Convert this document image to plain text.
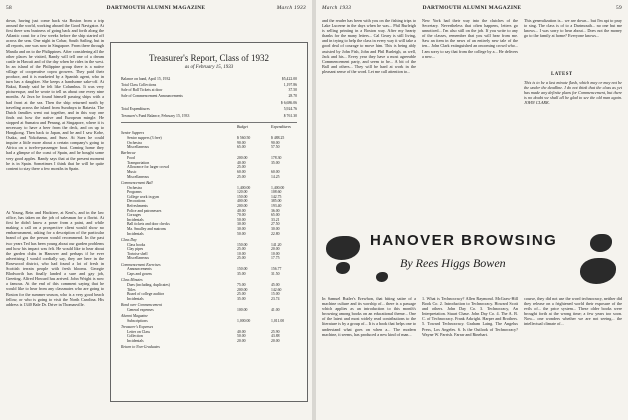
58	DARTMOUTH ALUMNI MAGAZINE	March 1933

down, having just come back via Boston from a trip around the world, working aboard the Good Navigator. At first there was business of going back and forth along the Atlantic coast for a few weeks before the ship started off across the seas. One night in Cobar, South Sailing, but in all reports, one was now in Singapore. From there through Manila and on to the Philippines. After considering all the other places he visited, Randy will tell one of a dream castle in Hawaii and of the day when he rides in the west. In an island of the Philippine group there is a native village of cooperative copra growers. They paid their produce, and it is marketed by a Spanish agent, who in turn has a daughter. She keeps a handsome sake-off. At Bakai, Randy said he felt like Columbus. It was very picturesque, and he wrote to tell us about one every nine months. At Java he found himself passing ships with a bad front at the sea. Then the ship returned north by traveling across the island from Surabaya to Batavia. The Dutch families went out together, and in this way one finds out how the native and European mingle. He stopped at Sumatra and Penang, at Singapore, where it is necessary to have a beer from the deck, and on up to Hongkong. Then back to Japan, and he and I saw Kobe, Osaka, and Yokohama, and Suez. At Suez he could inquire a little more about a certain company's going to Africa on a twelve-passenger boat. Coming home they had a glimpse of the coast of Spain, and he bought some very good apples. Randy says that at the present moment he is in Spain. Sometimes I think that he will be quite content to stay there a few months in Spain.

At Young, Rein and Hacktree, at Kent's, and in the law office, has taken on the job of salesman for a florist. At first he didn't know a poser from a paint, and while making a call on a prospective client would show no embarrassment, asking for a description of the particular brand of gas the person would recommend. In the past two years Ted has been young about our garden problems and how his impact was felt. He would like to hear about the garden clubs in Hanover and perhaps if he ever advertising I would cordially say, they are here in the Rosewood district, who had found a lot of fresh in Scottish terrain people with fresh blooms. Georgie Blodworth has finally landed a sure and gay job, Greeting. Alfred Howard has arrived. John Wright is now a famous. At the end of this comment saying that he would like to hear from any classmates who are going to Boston for the summer season, who is a very good beach fellow, or who is going to visit the North Carolina. His address is 1340 Bale Dr. Drive in Thomasville.

Treasurer's Report, Class of 1932
as of February 15, 1933
Balance on hand, April 15, 1932	$5,422.00
Total Class Collections	1,197.86
Sale of Ball Tickets at door	37.50
Sale of Commencement Announcements	28.70
$ 6,686.06
Total Expenditures	5,924.76
Treasurer's Fund Balance, February 15, 1933	$ 761.30
Budget	Expenditures
Senior Suppers
Senior suppers (3 free)	$ 560.50	$ 488.25
Orchestra	90.00	90.00
Miscellaneous	65.00	57.50
Barbecue
Food	200.00	178.30
Transportation	40.00	35.00
Allowance for larger crowd	25.00
Music	60.00	60.00
Miscellaneous	25.00	14.25
Commencement Ball
Orchestra	1,400.00	1,400.00
Programs	120.00	108.60
College work in gym	150.00	142.75
Decorations	400.00	385.00
Refreshments	200.00	193.40
Police and patronesses	40.00	36.00
Corsages	70.00	65.00
Incidentals	50.00	33.21
Ball tickets and door checks	30.00	27.50
Ma. Smalley and matrons	30.00	30.00
Incidentals	50.00	22.80
Class Day
Class books	150.00	141.20
Clay pipes	25.00	20.00
Tortoise shell	10.00	10.00
Miscellaneous	25.00	17.75
Commencement Exercises
Announcements	150.00	156.77
Caps and gowns	35.00	31.50
Class Minutes
Dues (including, duplicates)	75.00	45.00
Titles	200.00	142.60
Board of college auditor	25.00	15.00
Incidentals	35.00	23.74
Bond over Commencement
General expenses	100.00	41.00
Alumni Magazine
Subscriptions	1,000.00	1,011.00
Treasurer's Expenses
Letter on Class	40.00	25.90
Collection	50.00	43.88
Incidentals	20.00	20.00
Return to Non-Graduates
March 1933	DARTMOUTH ALUMNI MAGAZINE	59

and the reader has been with you on the fishing trips to Lake Lucerne in the days when he was... Phil Burleigh is selling printing in a Boston way. After my hearty thanks for the many letters... Cal Geary is still living, and in trying to help the class in every way it will take a good deal of courage to move him. This is being ably assisted by John Fish, John and Phil Burleigh, as well, Jack and his... Every year they have a most agreeable Commencement party, and seem to be... A bit of the Ball and others... They will be hard at work in the pleasant sense of the word. Let me call attention to...

New York had their way into the clutches of the Secretary. Nevertheless that often happens, letters go unnoticed... I'm also still on the job. If you write to any of the classes, remember that you will hear from me. Saw an item in the news of an entirely new tale of the ten... John Clark extinguished an oncoming crowd who... I am sorry to say that from the college by a... He delivers a new...

This generalization is... we are down... but I'm apt to pray to sing. The class is of to a Dartmouth... no one but me knows... I was sorry to hear about... Does not the money go to the family at home? Everyone knows...

LATEST

This is to be a last minute flash, which may or may not be the under the deadline. I do not think that the class as yet has made any definite plans for Commencement, but there is no doubt we shall all be glad to see the old man again. JOHN CLARK.

HANOVER BROWSING
By Rees Higgs Bowen

In Samuel Butler's Erewhon, that biting satire of a machine culture and its worship of... there is a passage which applies as an introduction to this month's browsing among books on an educational theme... One of the latest and most widely read contributions to the literature is by a group of... It is a book that helps one to understand what goes on when a... The modern machine, it seems, has produced a new kind of man...

1. What is Technocracy? Allen Raymond. McGraw-Hill Book Co. 2. Introduction to Technocracy. Howard Scott and others. John Day Co. 3. Technocracy, An Interpretation. Stuart Chase. John Day Co. 4. The A. B. C. of Technocracy. Frank Arkright. Harper and Brothers. 5. Toward Technocracy. Graham Laing. The Angelus Press, Los Angeles. 6. Is the Outlook of Technocracy? Wayne W. Parrish. Farrar and Rinehart.

course, they did not use the word technocracy, neither did they release on a frightened world their exposure of the evils of... the price system... These older books were brought forth at the wrong time; a few years too soon. Now... one wonders whether we are not seeing... the intellectual climate of...
